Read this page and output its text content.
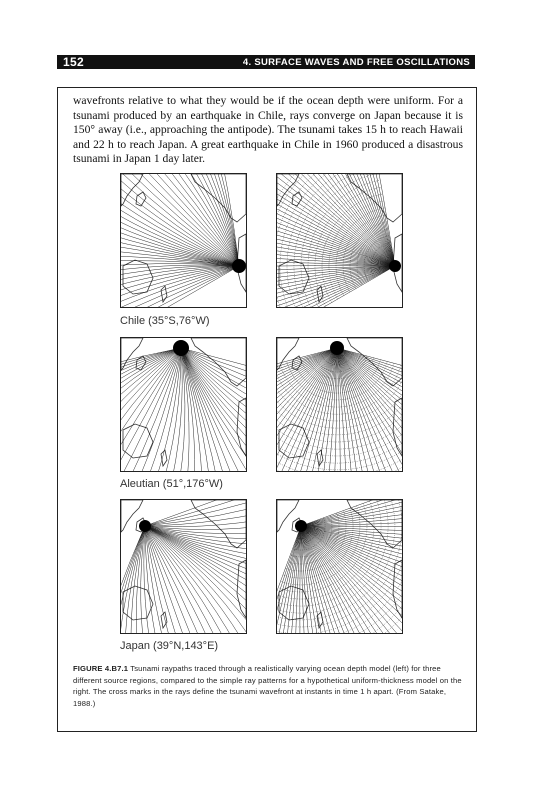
152	4. SURFACE WAVES AND FREE OSCILLATIONS

wavefronts relative to what they would be if the ocean depth were uniform. For a tsunami produced by an earthquake in Chile, rays converge on Japan because it is 150° away (i.e., approaching the antipode). The tsunami takes 15 h to reach Hawaii and 22 h to reach Japan. A great earthquake in Chile in 1960 produced a disastrous tsunami in Japan 1 day later.

Chile (35°S,76°W)
Aleutian (51°,176°W)
Japan (39°N,143°E)

FIGURE 4.B7.1 Tsunami raypaths traced through a realistically varying ocean depth model (left) for three different source regions, compared to the simple ray patterns for a hypothetical uniform-thickness model on the right. The cross marks in the rays define the tsunami wavefront at instants in time 1 h apart. (From Satake, 1988.)
